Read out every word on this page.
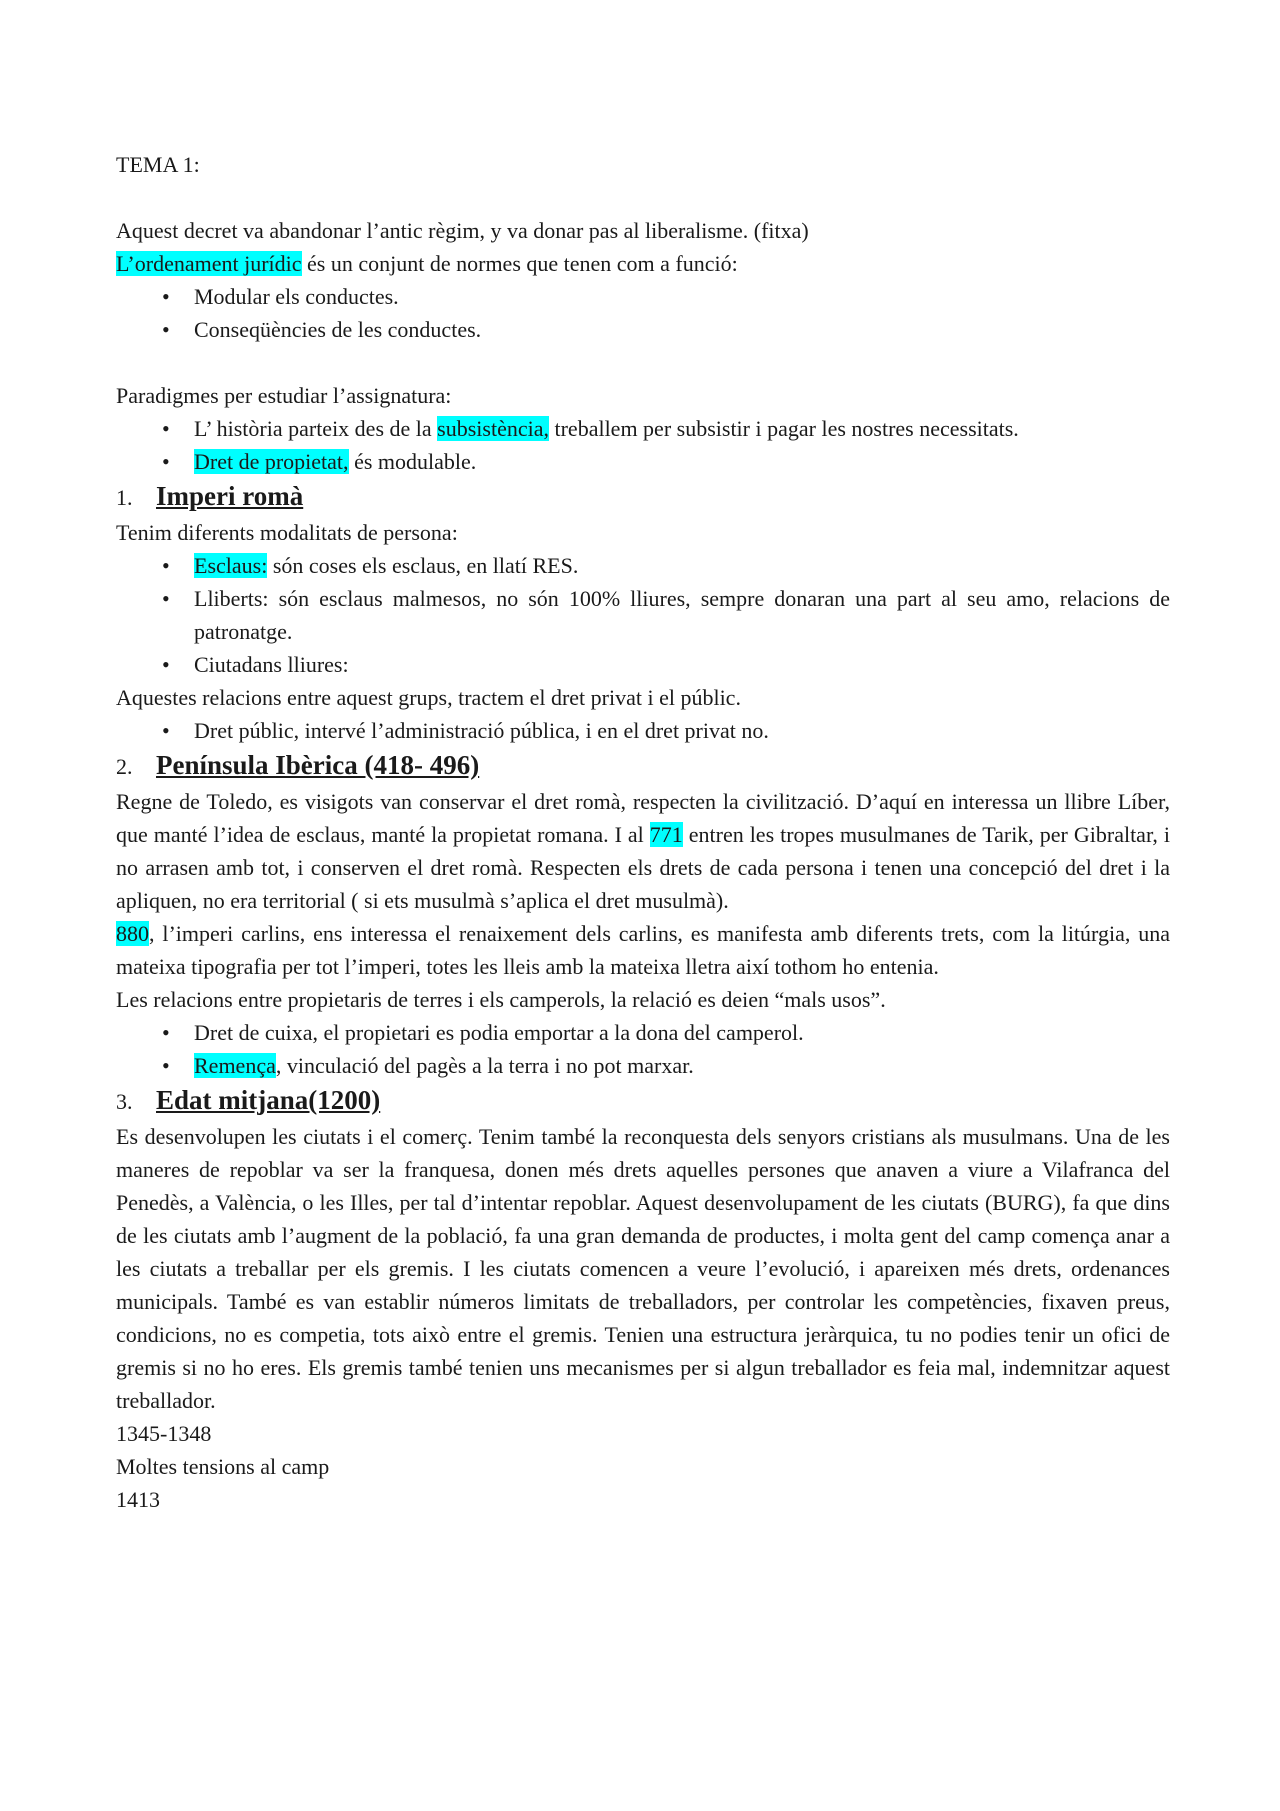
TEMA 1:

Aquest decret va abandonar l’antic règim, y va donar pas al liberalisme. (fitxa)

L’ordenament jurídic és un conjunt de normes que tenen com a funció:

•	Modular els conductes.
•	Conseqüències de les conductes.

Paradigmes per estudiar l’assignatura:

•	L’ història parteix des de la subsistència, treballem per subsistir i pagar les nostres necessitats.
•	Dret de propietat, és modulable.
1. Imperi romà

Tenim diferents modalitats de persona:

•	Esclaus: són coses els esclaus, en llatí RES.
•	Lliberts: són esclaus malmesos, no són 100% lliures, sempre donaran una part al seu amo, relacions de patronatge.
•	Ciutadans lliures:

Aquestes relacions entre aquest grups, tractem el dret privat i el públic.

•	Dret públic, intervé l’administració pública, i en el dret privat no.
2. Península Ibèrica (418- 496)

Regne de Toledo, es visigots van conservar el dret romà, respecten la civilització. D’aquí en interessa un llibre Líber, que manté l’idea de esclaus, manté la propietat romana. I al 771 entren les tropes musulmanes de Tarik, per Gibraltar, i no arrasen amb tot, i conserven el dret romà. Respecten els drets de cada persona i tenen una concepció del dret i la apliquen, no era territorial ( si ets musulmà s’aplica el dret musulmà).

880, l’imperi carlins, ens interessa el renaixement dels carlins, es manifesta amb diferents trets, com la litúrgia, una mateixa tipografia per tot l’imperi, totes les lleis amb la mateixa lletra així tothom ho entenia.

Les relacions entre propietaris de terres i els camperols, la relació es deien “mals usos”.

•	Dret de cuixa, el propietari es podia emportar a la dona del camperol.
•	Remença, vinculació del pagès a la terra i no pot marxar.
3. Edat mitjana(1200)

Es desenvolupen les ciutats i el comerç. Tenim també la reconquesta dels senyors cristians als musulmans. Una de les maneres de repoblar va ser la franquesa, donen més drets aquelles persones que anaven a viure a Vilafranca del Penedès, a València, o les Illes, per tal d’intentar repoblar. Aquest desenvolupament de les ciutats (BURG), fa que dins de les ciutats amb l’augment de la població, fa una gran demanda de productes, i molta gent del camp comença anar a les ciutats a treballar per els gremis. I les ciutats comencen a veure l’evolució, i apareixen més drets, ordenances municipals. També es van establir números limitats de treballadors, per controlar les competències, fixaven preus, condicions, no es competia, tots això entre el gremis. Tenien una estructura jeràrquica, tu no podies tenir un ofici de gremis si no ho eres. Els gremis també tenien uns mecanismes per si algun treballador es feia mal, indemnitzar aquest treballador.

1345-1348

Moltes tensions al camp

1413
